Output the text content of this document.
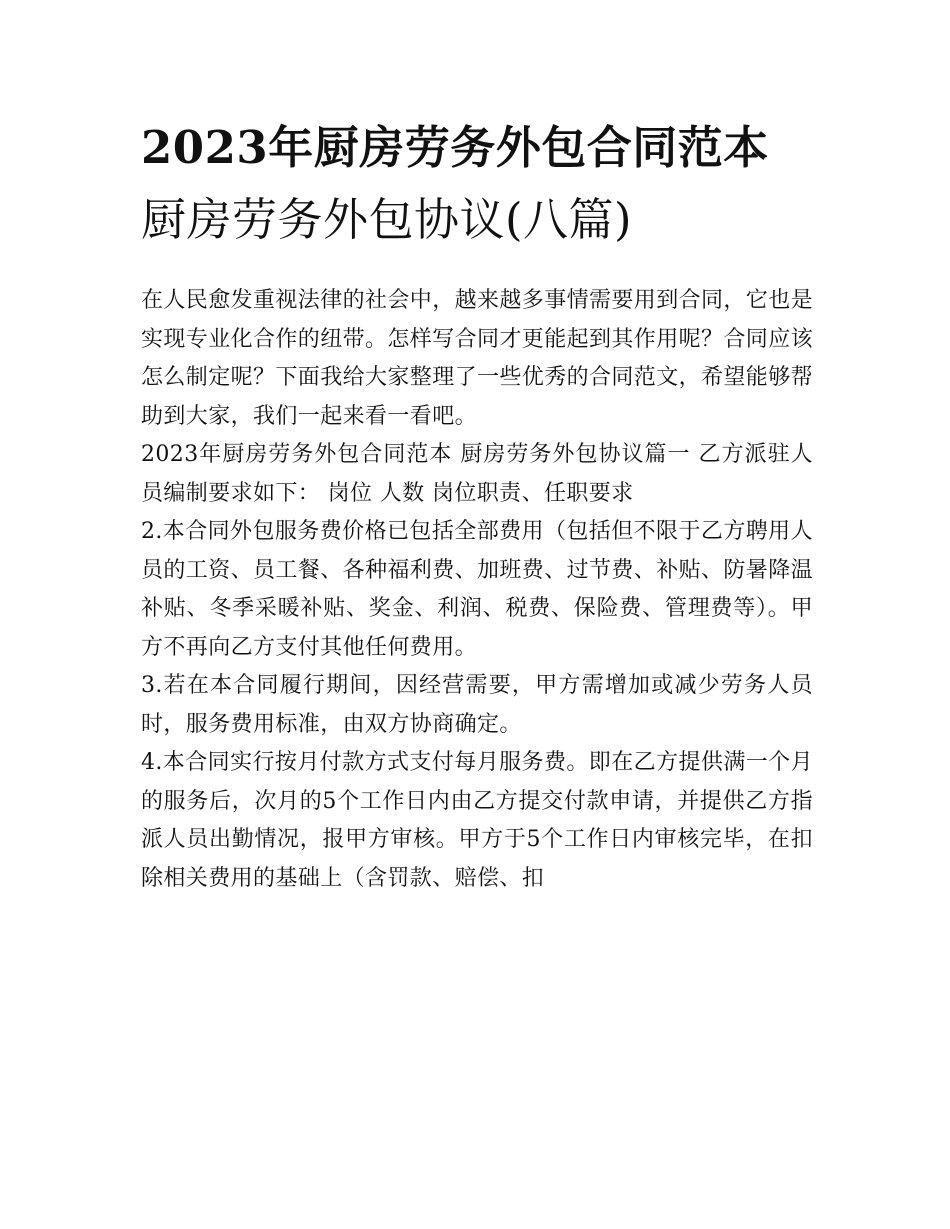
2023年厨房劳务外包合同范本
厨房劳务外包协议(八篇)

在人民愈发重视法律的社会中，越来越多事情需要用到合同，它也是实现专业化合作的纽带。怎样写合同才更能起到其作用呢？合同应该怎么制定呢？下面我给大家整理了一些优秀的合同范文，希望能够帮助到大家，我们一起来看一看吧。

2023年厨房劳务外包合同范本 厨房劳务外包协议篇一 乙方派驻人员编制要求如下： 岗位 人数 岗位职责、任职要求

2.本合同外包服务费价格已包括全部费用（包括但不限于乙方聘用人员的工资、员工餐、各种福利费、加班费、过节费、补贴、防暑降温补贴、冬季采暖补贴、奖金、利润、税费、保险费、管理费等）。甲方不再向乙方支付其他任何费用。

3.若在本合同履行期间，因经营需要，甲方需增加或减少劳务人员时，服务费用标准，由双方协商确定。

4.本合同实行按月付款方式支付每月服务费。即在乙方提供满一个月的服务后，次月的5个工作日内由乙方提交付款申请，并提供乙方指派人员出勤情况，报甲方审核。甲方于5个工作日内审核完毕，在扣除相关费用的基础上（含罚款、赔偿、扣
